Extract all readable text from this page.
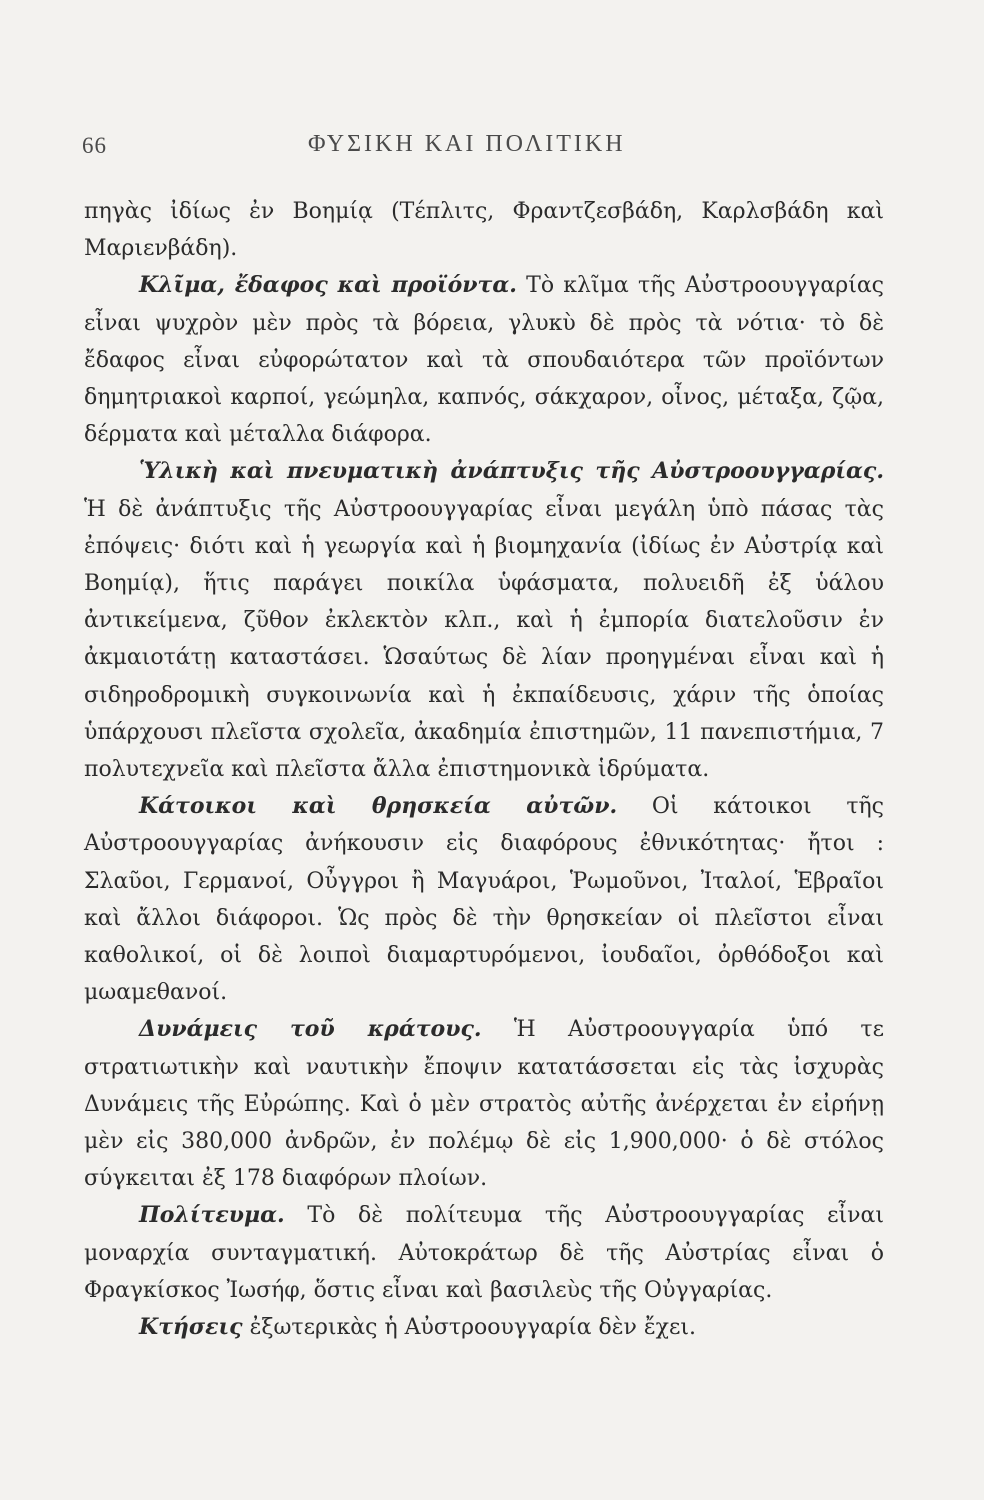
66	ΦΥΣΙΚΗ ΚΑΙ ΠΟΛΙΤΙΚΗ

πηγὰς ἰδίως ἐν Βοημίᾳ (Τέπλιτς, Φραντζεσβάδη, Καρλσβάδη καὶ Μαριενβάδη).

Κλῖμα, ἔδαφος καὶ προϊόντα. Τὸ κλῖμα τῆς Αὐστροουγγαρίας εἶναι ψυχρὸν μὲν πρὸς τὰ βόρεια, γλυκὺ δὲ πρὸς τὰ νότια· τὸ δὲ ἔδαφος εἶναι εὐφορώτατον καὶ τὰ σπουδαιότερα τῶν προϊόντων δημητριακοὶ καρποί, γεώμηλα, καπνός, σάκχαρον, οἶνος, μέταξα, ζῷα, δέρματα καὶ μέταλλα διάφορα.

Ὑλικὴ καὶ πνευματικὴ ἀνάπτυξις τῆς Αὐστροουγγαρίας. Ἡ δὲ ἀνάπτυξις τῆς Αὐστροουγγαρίας εἶναι μεγάλη ὑπὸ πάσας τὰς ἐπόψεις· διότι καὶ ἡ γεωργία καὶ ἡ βιομηχανία (ἰδίως ἐν Αὐστρίᾳ καὶ Βοημίᾳ), ἥτις παράγει ποικίλα ὑφάσματα, πολυειδῆ ἐξ ὑάλου ἀντικείμενα, ζῦθον ἐκλεκτὸν κλπ., καὶ ἡ ἐμπορία διατελοῦσιν ἐν ἀκμαιοτάτῃ καταστάσει. Ὡσαύτως δὲ λίαν προηγμέναι εἶναι καὶ ἡ σιδηροδρομικὴ συγκοινωνία καὶ ἡ ἐκπαίδευσις, χάριν τῆς ὁποίας ὑπάρχουσι πλεῖστα σχολεῖα, ἀκαδημία ἐπιστημῶν, 11 πανεπιστήμια, 7 πολυτεχνεῖα καὶ πλεῖστα ἄλλα ἐπιστημονικὰ ἱδρύματα.

Κάτοικοι καὶ θρησκεία αὐτῶν. Οἱ κάτοικοι τῆς Αὐστροουγγαρίας ἀνήκουσιν εἰς διαφόρους ἐθνικότητας· ἤτοι : Σλαῦοι, Γερμανοί, Οὖγγροι ἢ Μαγυάροι, Ῥωμοῦνοι, Ἰταλοί, Ἑβραῖοι καὶ ἄλλοι διάφοροι. Ὡς πρὸς δὲ τὴν θρησκείαν οἱ πλεῖστοι εἶναι καθολικοί, οἱ δὲ λοιποὶ διαμαρτυρόμενοι, ἰουδαῖοι, ὀρθόδοξοι καὶ μωαμεθανοί.

Δυνάμεις τοῦ κράτους. Ἡ Αὐστροουγγαρία ὑπό τε στρατιωτικὴν καὶ ναυτικὴν ἔποψιν κατατάσσεται εἰς τὰς ἰσχυρὰς Δυνάμεις τῆς Εὐρώπης. Καὶ ὁ μὲν στρατὸς αὐτῆς ἀνέρχεται ἐν εἰρήνῃ μὲν εἰς 380,000 ἀνδρῶν, ἐν πολέμῳ δὲ εἰς 1,900,000· ὁ δὲ στόλος σύγκειται ἐξ 178 διαφόρων πλοίων.

Πολίτευμα. Τὸ δὲ πολίτευμα τῆς Αὐστροουγγαρίας εἶναι μοναρχία συνταγματική. Αὐτοκράτωρ δὲ τῆς Αὐστρίας εἶναι ὁ Φραγκίσκος Ἰωσήφ, ὅστις εἶναι καὶ βασιλεὺς τῆς Οὐγγαρίας.

Κτήσεις ἐξωτερικὰς ἡ Αὐστροουγγαρία δὲν ἔχει.
